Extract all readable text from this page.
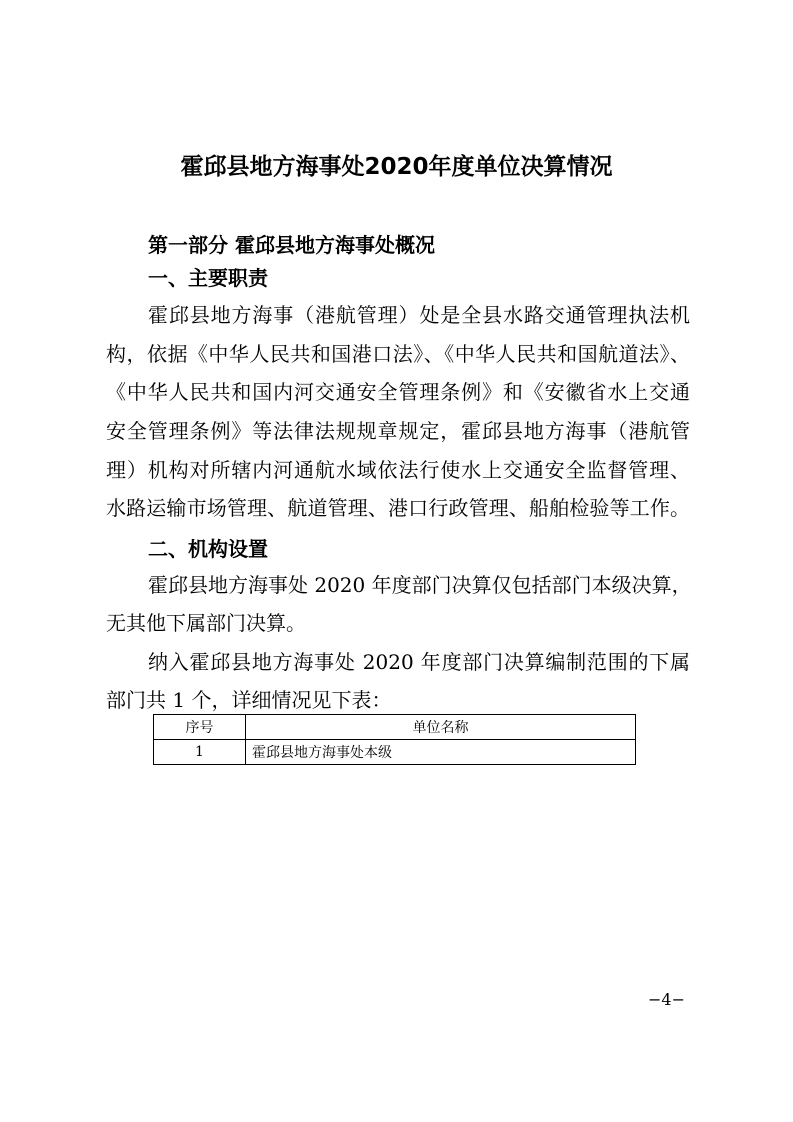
霍邱县地方海事处2020年度单位决算情况
第一部分 霍邱县地方海事处概况
一、主要职责
霍邱县地方海事（港航管理）处是全县水路交通管理执法机
构，依据《中华人民共和国港口法》、《中华人民共和国航道法》、
《中华人民共和国内河交通安全管理条例》和《安徽省水上交通
安全管理条例》等法律法规规章规定，霍邱县地方海事（港航管
理）机构对所辖内河通航水域依法行使水上交通安全监督管理、
水路运输市场管理、航道管理、港口行政管理、船舶检验等工作。
二、机构设置
霍邱县地方海事处 2020 年度部门决算仅包括部门本级决算，
无其他下属部门决算。
纳入霍邱县地方海事处 2020 年度部门决算编制范围的下属
部门共 1 个，详细情况见下表：
序号	单位名称
1	霍邱县地方海事处本级
−4−
